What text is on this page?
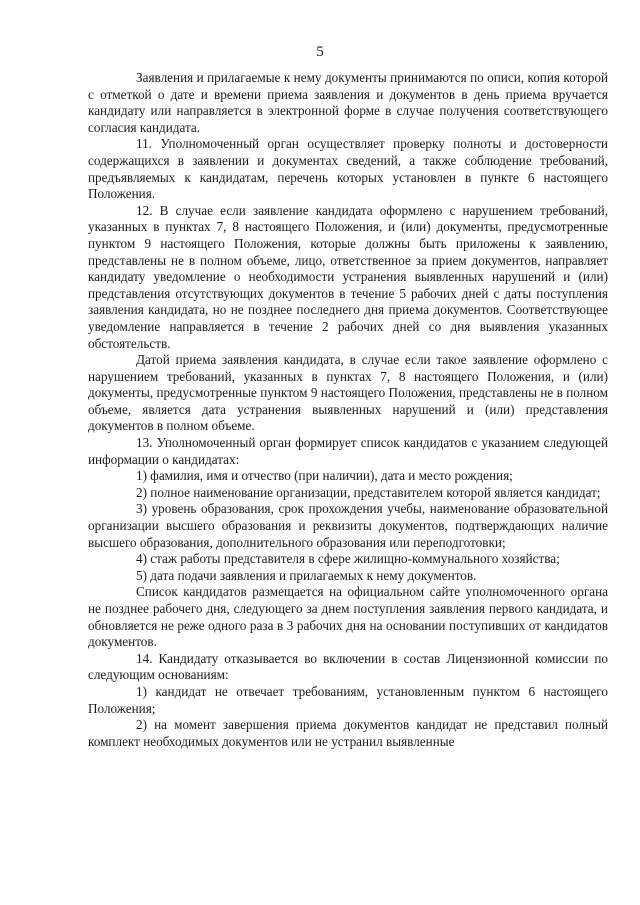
5

Заявления и прилагаемые к нему документы принимаются по описи, копия которой с отметкой о дате и времени приема заявления и документов в день приема вручается кандидату или направляется в электронной форме в случае получения соответствующего согласия кандидата.

11. Уполномоченный орган осуществляет проверку полноты и достоверности содержащихся в заявлении и документах сведений, а также соблюдение требований, предъявляемых к кандидатам, перечень которых установлен в пункте 6 настоящего Положения.

12. В случае если заявление кандидата оформлено с нарушением требований, указанных в пунктах 7, 8 настоящего Положения, и (или) документы, предусмотренные пунктом 9 настоящего Положения, которые должны быть приложены к заявлению, представлены не в полном объеме, лицо, ответственное за прием документов, направляет кандидату уведомление о необходимости устранения выявленных нарушений и (или) представления отсутствующих документов в течение 5 рабочих дней с даты поступления заявления кандидата, но не позднее последнего дня приема документов. Соответствующее уведомление направляется в течение 2 рабочих дней со дня выявления указанных обстоятельств.

Датой приема заявления кандидата, в случае если такое заявление оформлено с нарушением требований, указанных в пунктах 7, 8 настоящего Положения, и (или) документы, предусмотренные пунктом 9 настоящего Положения, представлены не в полном объеме, является дата устранения выявленных нарушений и (или) представления документов в полном объеме.

13. Уполномоченный орган формирует список кандидатов с указанием следующей информации о кандидатах:

1) фамилия, имя и отчество (при наличии), дата и место рождения;

2) полное наименование организации, представителем которой является кандидат;

3) уровень образования, срок прохождения учебы, наименование образовательной организации высшего образования и реквизиты документов, подтверждающих наличие высшего образования, дополнительного образования или переподготовки;

4) стаж работы представителя в сфере жилищно-коммунального хозяйства;

5) дата подачи заявления и прилагаемых к нему документов.

Список кандидатов размещается на официальном сайте уполномоченного органа не позднее рабочего дня, следующего за днем поступления заявления первого кандидата, и обновляется не реже одного раза в 3 рабочих дня на основании поступивших от кандидатов документов.

14. Кандидату отказывается во включении в состав Лицензионной комиссии по следующим основаниям:

1) кандидат не отвечает требованиям, установленным пунктом 6 настоящего Положения;

2) на момент завершения приема документов кандидат не представил полный комплект необходимых документов или не устранил выявленные
